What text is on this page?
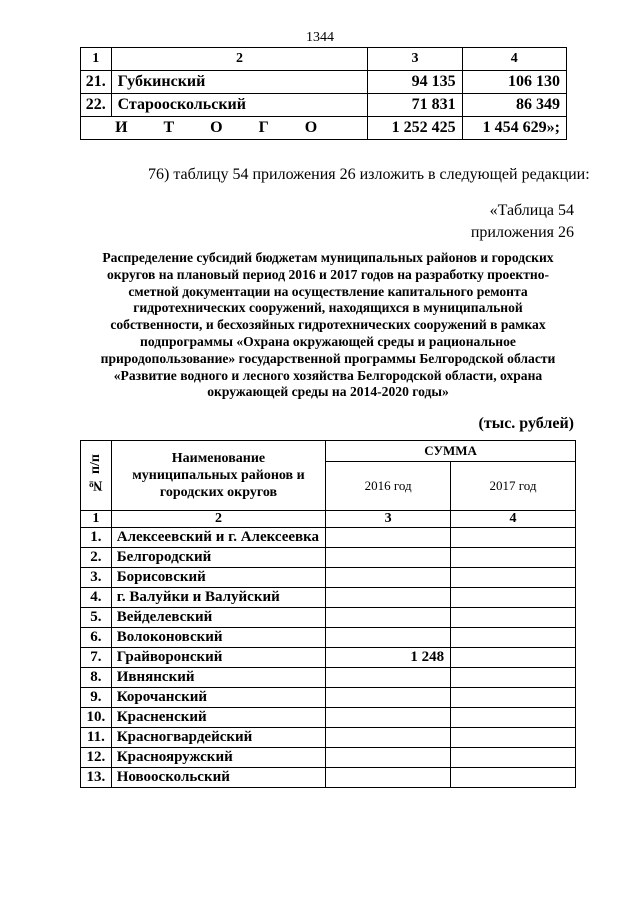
1344
1	2	3	4
21.	Губкинский	94 135	106 130
22.	Старооскольский	71 831	86 349
И Т О Г О		1 252 425	1 454 629»;
76) таблицу 54 приложения 26 изложить в следующей редакции:
«Таблица 54
приложения 26
Распределение субсидий бюджетам муниципальных районов и городских округов на плановый период 2016 и 2017 годов на разработку проектно-сметной документации на осуществление капитального ремонта гидротехнических сооружений, находящихся в муниципальной собственности, и бесхозяйных гидротехнических сооружений в рамках подпрограммы «Охрана окружающей среды и рациональное природопользование» государственной программы Белгородской области «Развитие водного и лесного хозяйства Белгородской области, охрана окружающей среды на 2014-2020 годы»
(тыс. рублей)
№ п/п	Наименование муниципальных районов и городских округов	СУММА	
		2016 год	2017 год
1	2	3	4
1.	Алексеевский и г. Алексеевка		
2.	Белгородский		
3.	Борисовский		
4.	г. Валуйки и Валуйский		
5.	Вейделевский		
6.	Волоконовский		
7.	Грайворонский	1 248	
8.	Ивнянский		
9.	Корочанский		
10.	Красненский		
11.	Красногвардейский		
12.	Краснояружский		
13.	Новооскольский		
